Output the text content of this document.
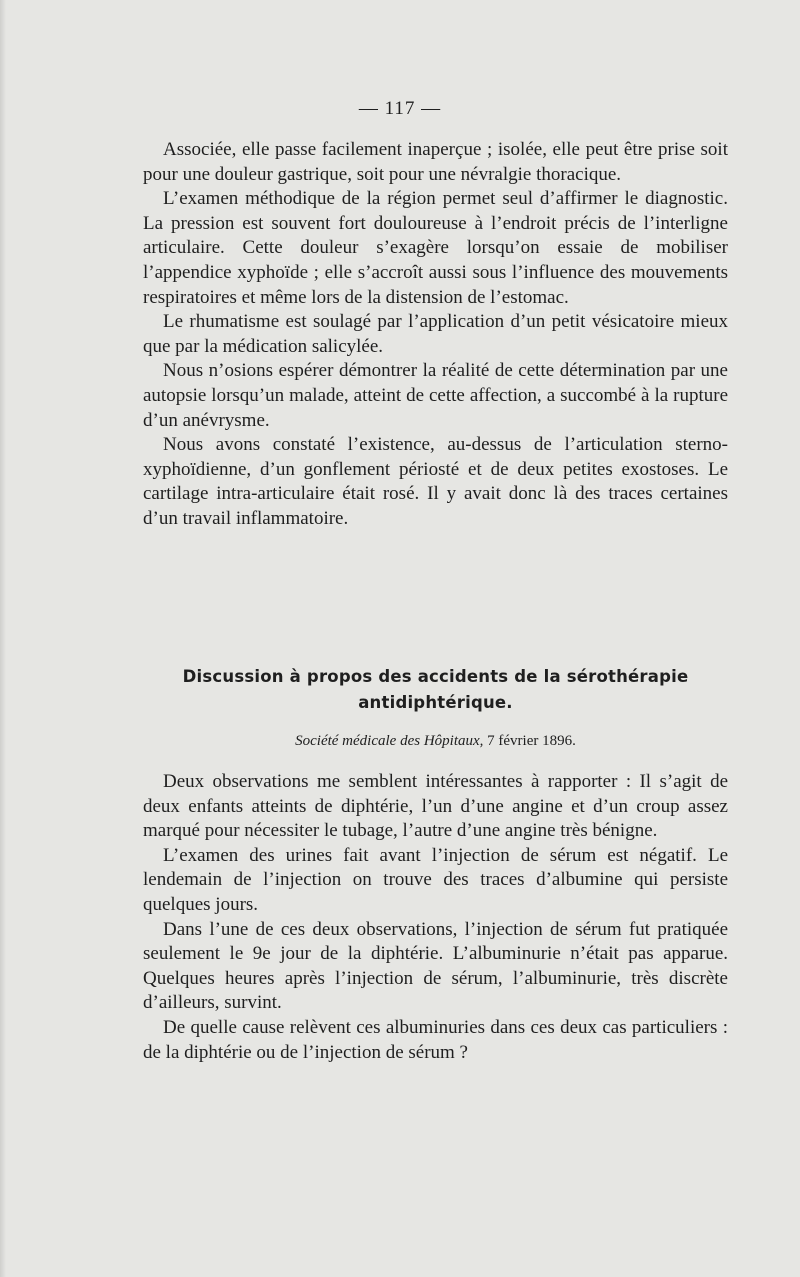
— 117 —

Associée, elle passe facilement inaperçue ; isolée, elle peut être prise soit pour une douleur gastrique, soit pour une névralgie thoracique.

L’examen méthodique de la région permet seul d’affirmer le diagnostic. La pression est souvent fort douloureuse à l’endroit précis de l’interligne articulaire. Cette douleur s’exagère lorsqu’on essaie de mobiliser l’appendice xyphoïde ; elle s’accroît aussi sous l’influence des mouvements respiratoires et même lors de la distension de l’estomac.

Le rhumatisme est soulagé par l’application d’un petit vésicatoire mieux que par la médication salicylée.

Nous n’osions espérer démontrer la réalité de cette détermination par une autopsie lorsqu’un malade, atteint de cette affection, a succombé à la rupture d’un anévrysme.

Nous avons constaté l’existence, au-dessus de l’articulation sterno-xyphoïdienne, d’un gonflement périosté et de deux petites exostoses. Le cartilage intra-articulaire était rosé. Il y avait donc là des traces certaines d’un travail inflammatoire.

Discussion à propos des accidents de la sérothérapie
antidiphtérique.
Société médicale des Hôpitaux, 7 février 1896.

Deux observations me semblent intéressantes à rapporter : Il s’agit de deux enfants atteints de diphtérie, l’un d’une angine et d’un croup assez marqué pour nécessiter le tubage, l’autre d’une angine très bénigne.

L’examen des urines fait avant l’injection de sérum est négatif. Le lendemain de l’injection on trouve des traces d’albumine qui persiste quelques jours.

Dans l’une de ces deux observations, l’injection de sérum fut pratiquée seulement le 9e jour de la diphtérie. L’albuminurie n’était pas apparue. Quelques heures après l’injection de sérum, l’albuminurie, très discrète d’ailleurs, survint.

De quelle cause relèvent ces albuminuries dans ces deux cas particuliers : de la diphtérie ou de l’injection de sérum ?
